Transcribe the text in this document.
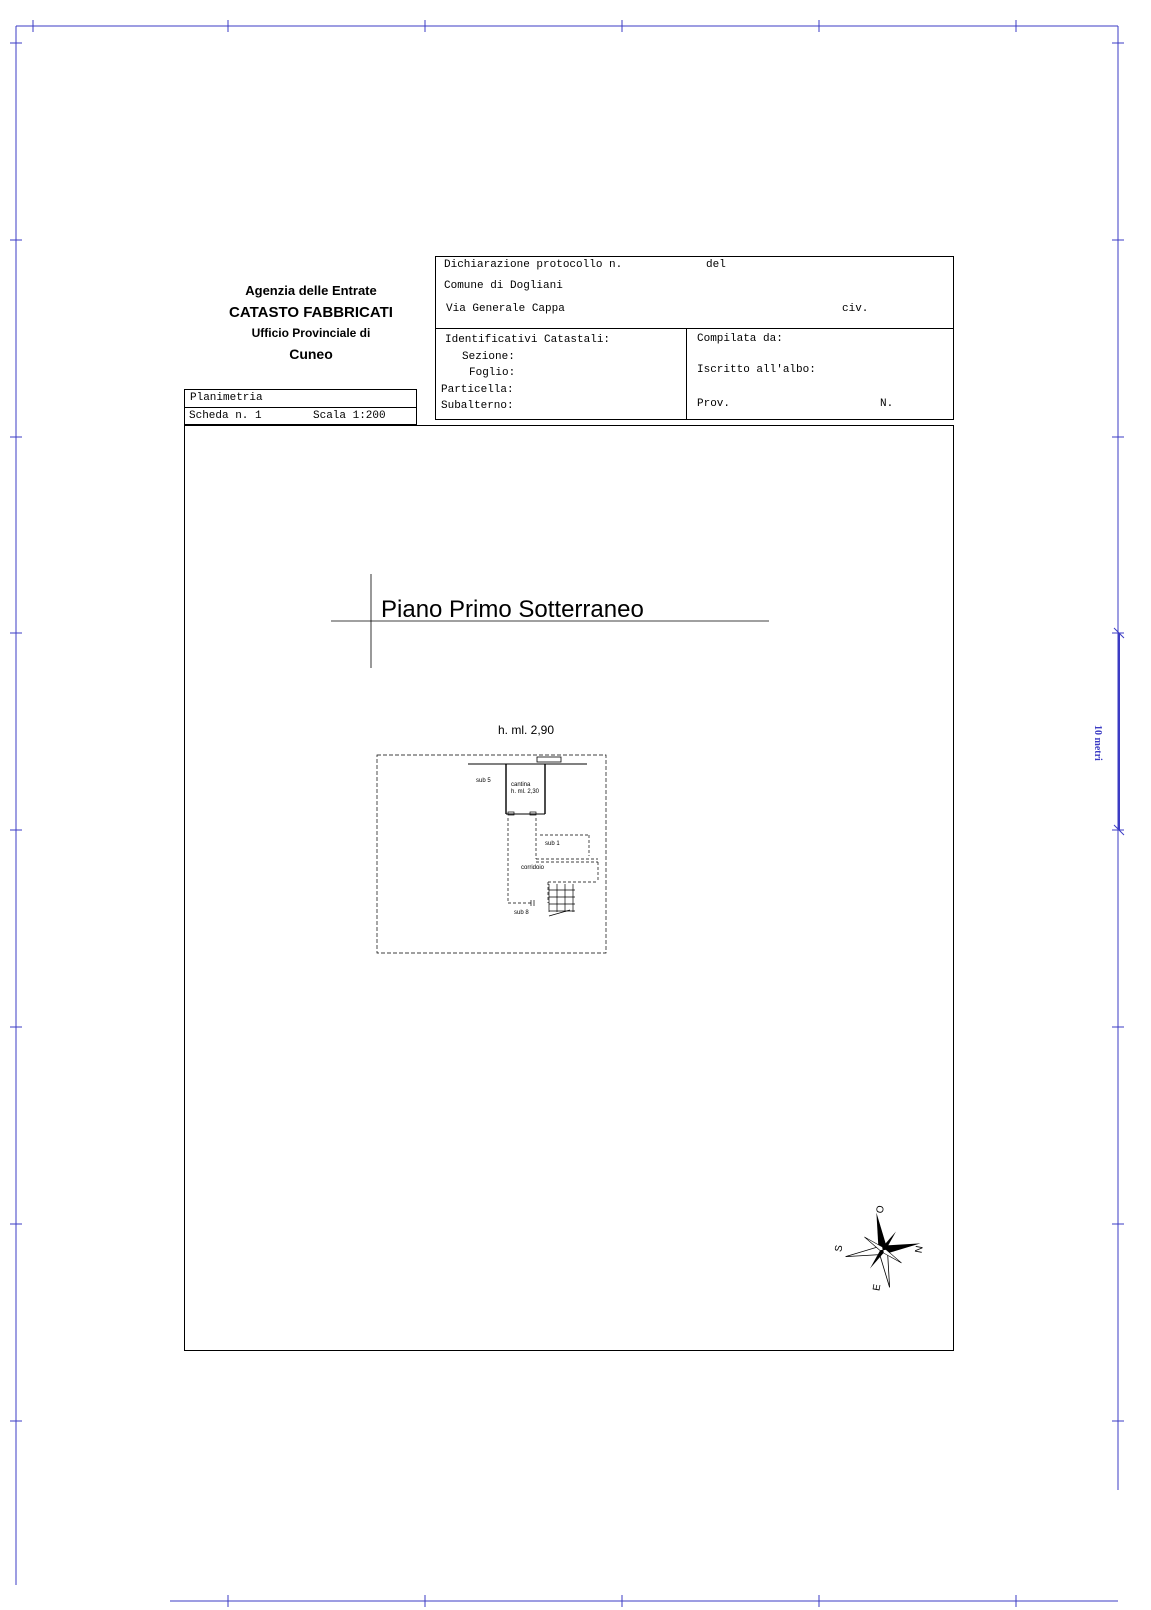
10 metri
Agenzia delle Entrate
CATASTO FABBRICATI
Ufficio Provinciale di
Cuneo
Planimetria
Scheda n. 1	Scala 1:200
Dichiarazione protocollo n.	del
Comune di Dogliani
Via Generale Cappa	civ.
Identificativi Catastali:
Sezione:
Foglio:
Particella:
Subalterno:
Compilata da:
Iscritto all'albo:
Prov.	N.
Piano Primo Sotterraneo
h. ml. 2,90
sub 5
cantina
h. ml. 2,30
sub 1
corridoio
sub 8
O
N
S
E
